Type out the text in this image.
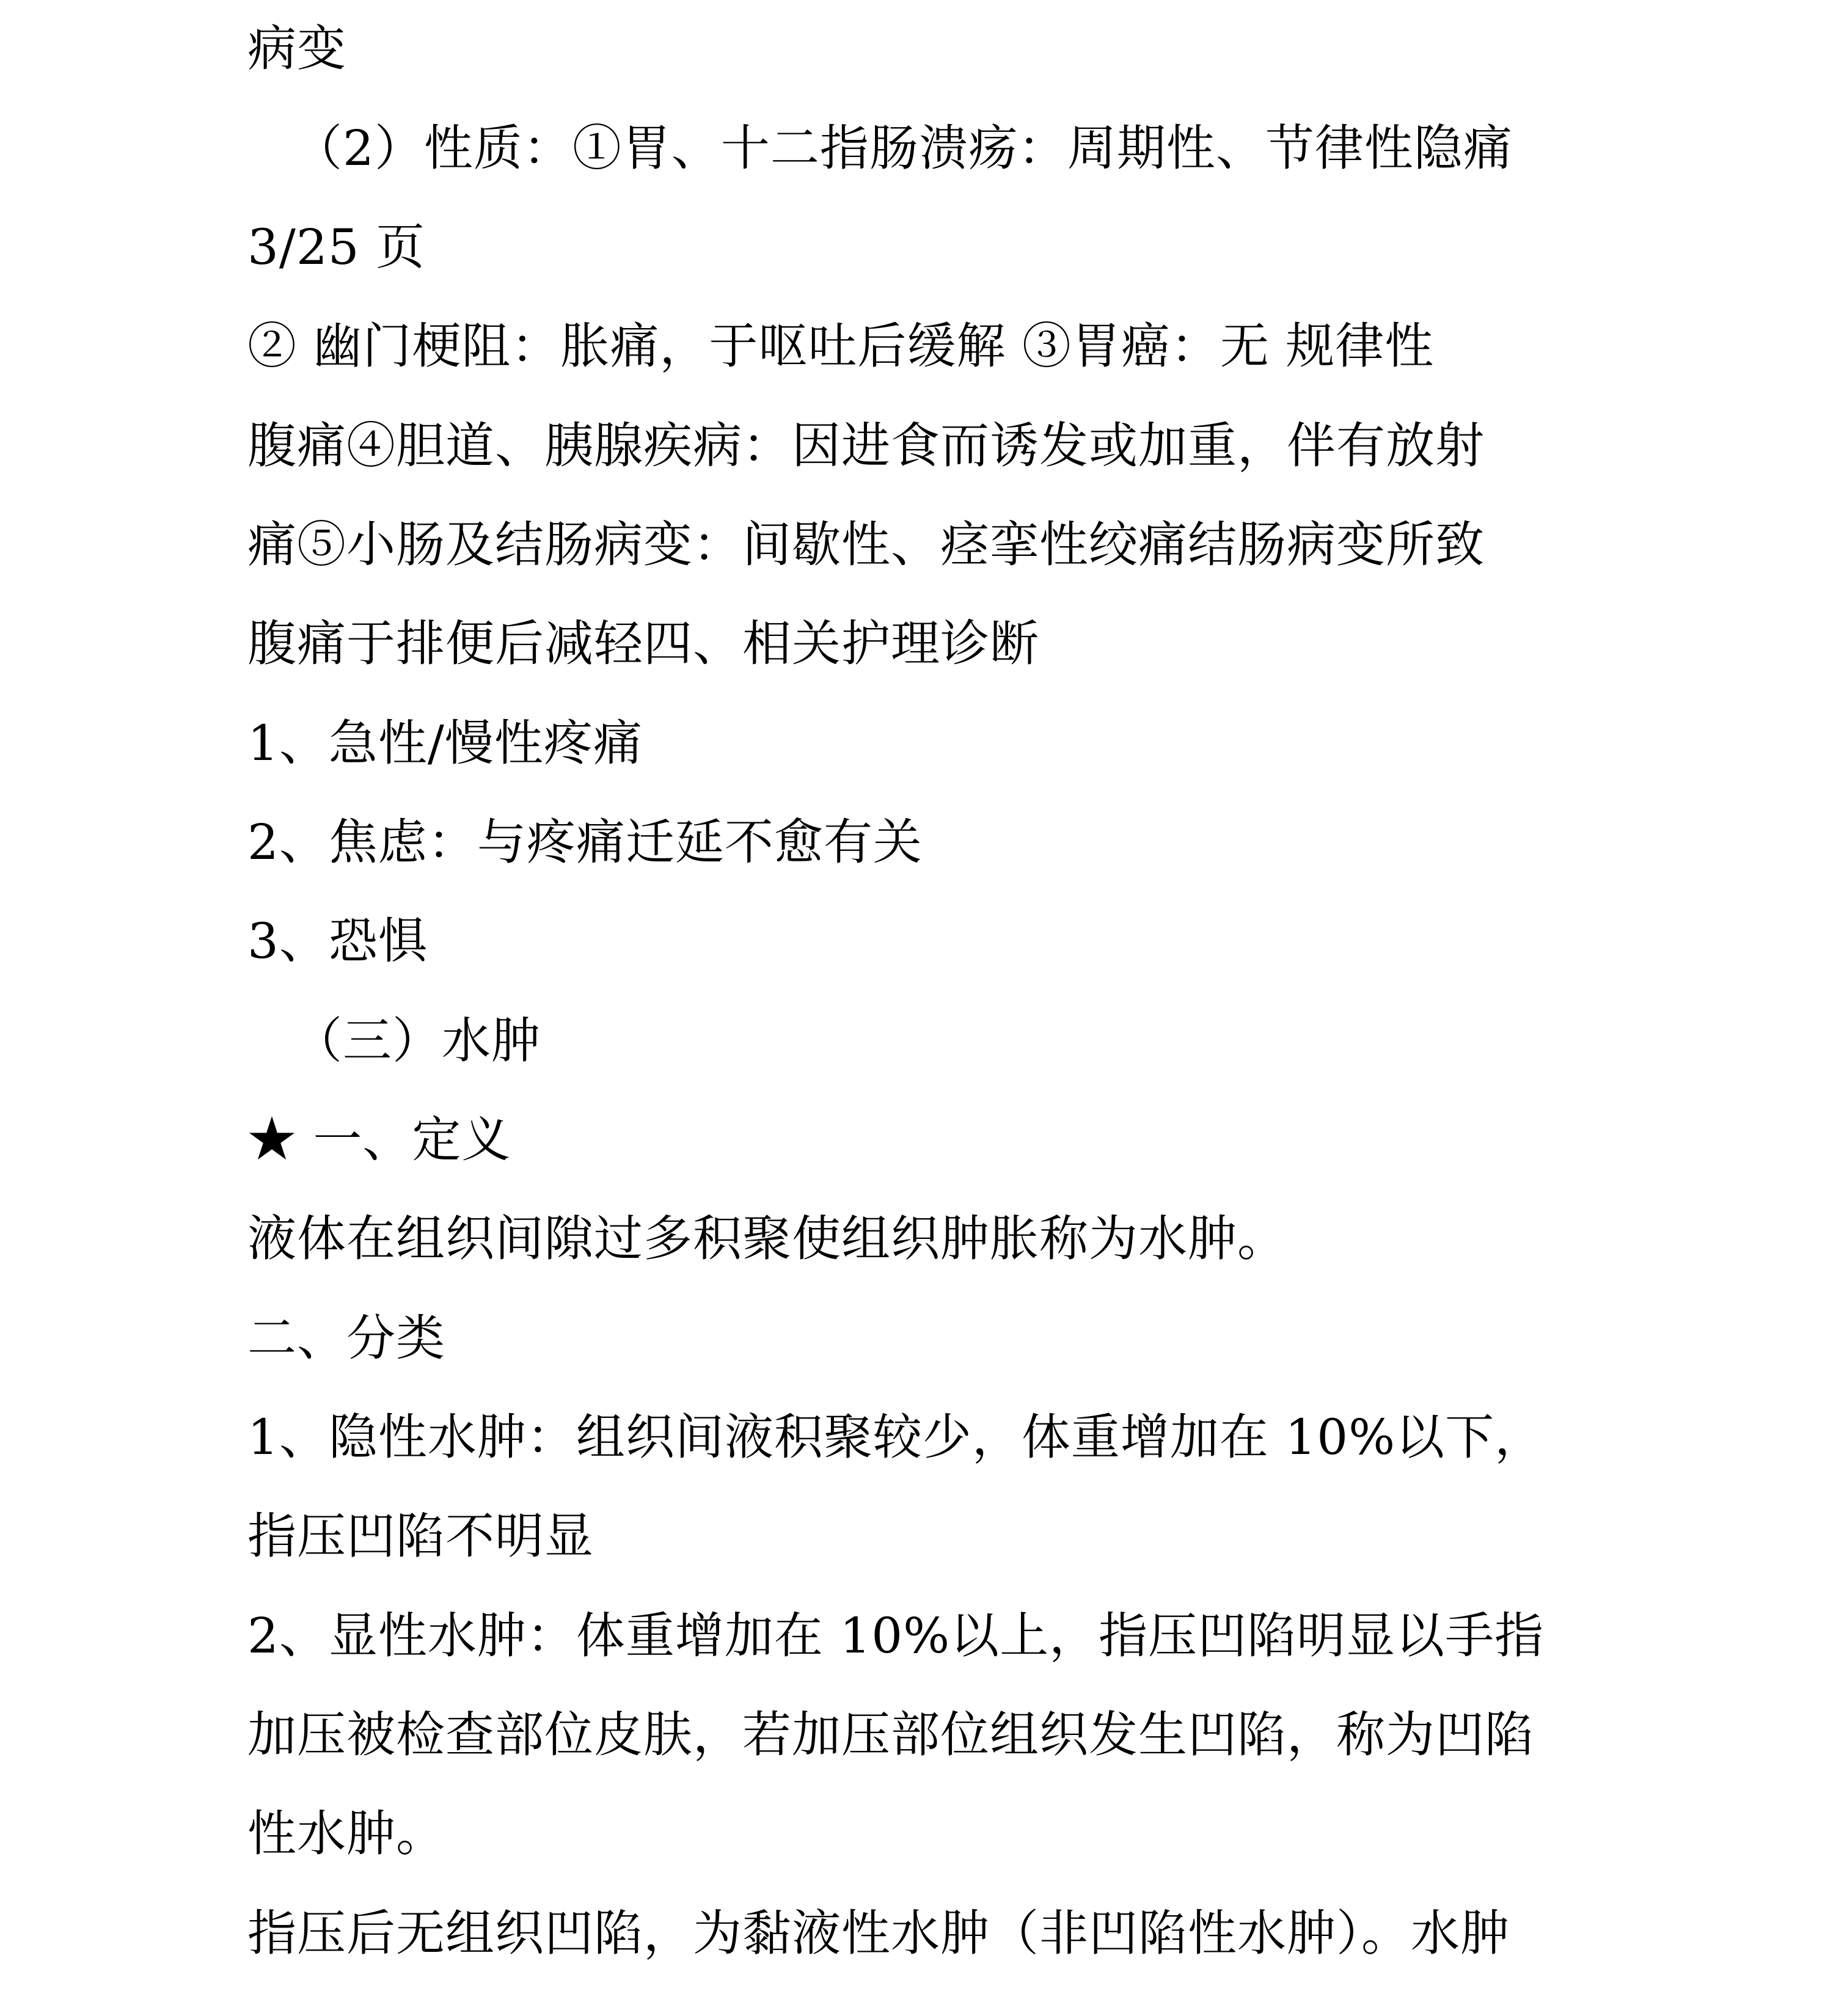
病变
（2）性质：①胃、十二指肠溃疡：周期性、节律性隐痛
3/25 页
② 幽门梗阻：胀痛，于呕吐后缓解 ③胃癌：无 规律性
腹痛④胆道、胰腺疾病：因进食而诱发或加重，伴有放射
痛⑤小肠及结肠病变：间歇性、痉挛性绞痛结肠病变所致
腹痛于排便后减轻四、相关护理诊断
1、急性/慢性疼痛
2、焦虑：与疼痛迁延不愈有关
3、恐惧
（三）水肿
★ 一、定义
液体在组织间隙过多积聚使组织肿胀称为水肿。
二、分类
1、隐性水肿：组织间液积聚较少，体重增加在 10%以下，
指压凹陷不明显
2、显性水肿：体重增加在 10%以上，指压凹陷明显以手指
加压被检查部位皮肤，若加压部位组织发生凹陷，称为凹陷
性水肿。
指压后无组织凹陷，为黏液性水肿（非凹陷性水肿）。水肿
